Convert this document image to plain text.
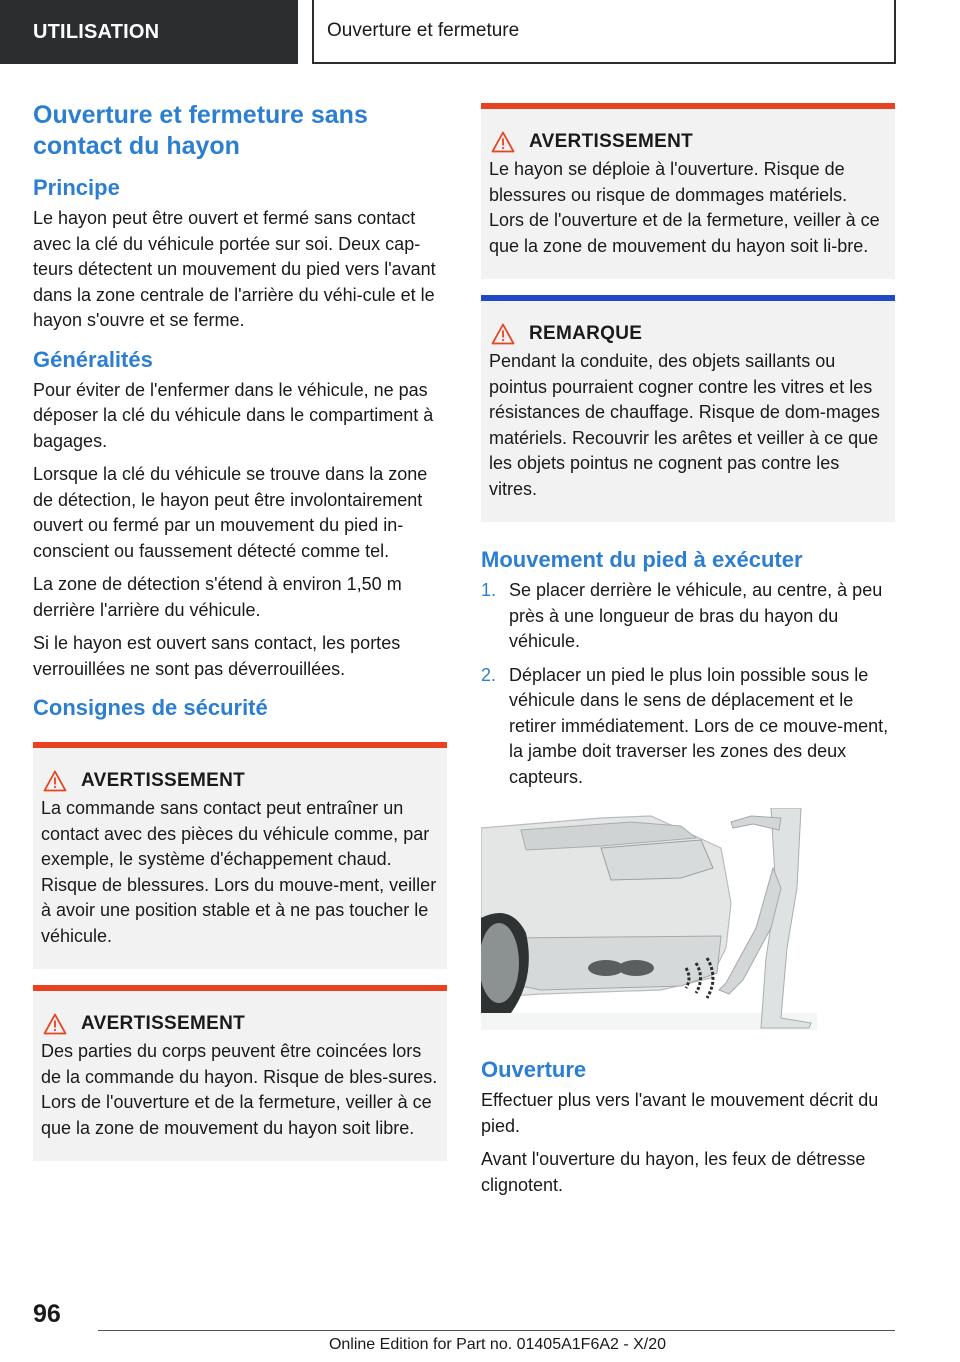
UTILISATION	Ouverture et fermeture
Ouverture et fermeture sans contact du hayon
Principe

Le hayon peut être ouvert et fermé sans contact avec la clé du véhicule portée sur soi. Deux cap-teurs détectent un mouvement du pied vers l'avant dans la zone centrale de l'arrière du véhi-cule et le hayon s'ouvre et se ferme.

Généralités

Pour éviter de l'enfermer dans le véhicule, ne pas déposer la clé du véhicule dans le compartiment à bagages.

Lorsque la clé du véhicule se trouve dans la zone de détection, le hayon peut être involontairement ouvert ou fermé par un mouvement du pied in-conscient ou faussement détecté comme tel.

La zone de détection s'étend à environ 1,50 m derrière l'arrière du véhicule.

Si le hayon est ouvert sans contact, les portes verrouillées ne sont pas déverrouillées.

Consignes de sécurité
AVERTISSEMENT

La commande sans contact peut entraîner un contact avec des pièces du véhicule comme, par exemple, le système d'échappement chaud. Risque de blessures. Lors du mouve-ment, veiller à avoir une position stable et à ne pas toucher le véhicule.

AVERTISSEMENT

Des parties du corps peuvent être coincées lors de la commande du hayon. Risque de bles-sures. Lors de l'ouverture et de la fermeture, veiller à ce que la zone de mouvement du hayon soit libre.

AVERTISSEMENT

Le hayon se déploie à l'ouverture. Risque de blessures ou risque de dommages matériels. Lors de l'ouverture et de la fermeture, veiller à ce que la zone de mouvement du hayon soit li-bre.

REMARQUE

Pendant la conduite, des objets saillants ou pointus pourraient cogner contre les vitres et les résistances de chauffage. Risque de dom-mages matériels. Recouvrir les arêtes et veiller à ce que les objets pointus ne cognent pas contre les vitres.

Mouvement du pied à exécuter
1. Se placer derrière le véhicule, au centre, à peu près à une longueur de bras du hayon du véhicule.
2. Déplacer un pied le plus loin possible sous le véhicule dans le sens de déplacement et le retirer immédiatement. Lors de ce mouve-ment, la jambe doit traverser les zones des deux capteurs.
Ouverture

Effectuer plus vers l'avant le mouvement décrit du pied.

Avant l'ouverture du hayon, les feux de détresse clignotent.

96
Online Edition for Part no. 01405A1F6A2 - X/20
